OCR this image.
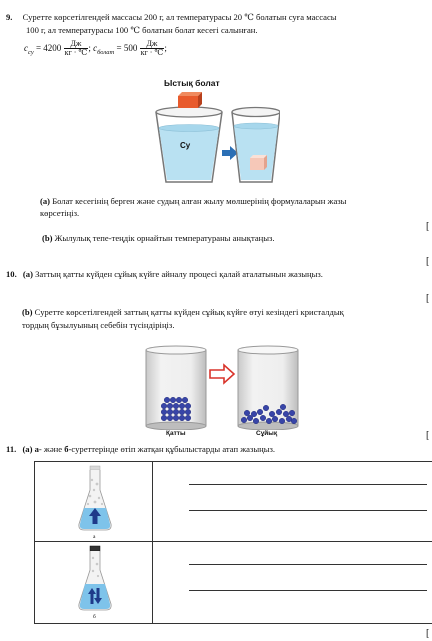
9. Суретте көрсетілгендей массасы 200 г, ал температурасы 20 ℃ болатын суға массасы
100 г, ал температурасы 100 ℃ болатын болат кесегі салынған.
$c_{су} = 4200 \frac{Дж}{кг \cdot ℃}$ ; $c_{болат} = 500 \frac{Дж}{кг \cdot ℃}$ ;
Ыстық болат
Су
(a) Болат кесегінің берген және судың алған жылу мөлшерінің формулаларын жазы
көрсетіңіз.
[
(b) Жылулық тепе-теңдік орнайтын температураны анықтаңыз.
[
10. (a) Заттың қатты күйден сұйық күйге айналу процесі қалай аталатынын жазыңыз.
[
(b) Суретте көрсетілгендей заттың қатты күйден сұйық күйге өтуі кезіндегі кристалдық
тордың бұзылуының себебін түсіндіріңіз.
Қатты	Сұйық	[
11. (a) а- және б-суреттерінде өтіп жатқан құбылыстарды атап жазыңыз.
а	

б	

[
